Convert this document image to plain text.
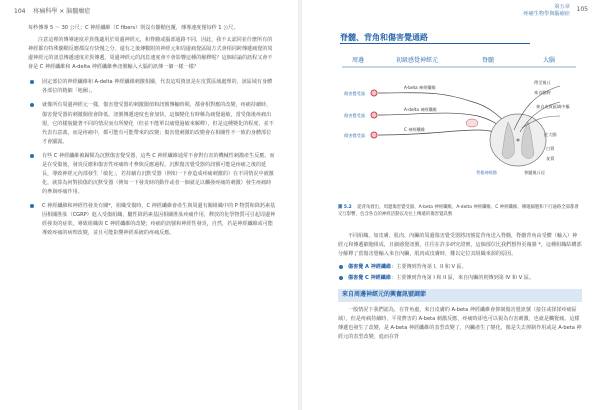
104 疼痛科學 × 脑髓瘸症

每秒傳導 5 ～ 30 公尺；C 神經纖維（C fibers）則沒有髓鞘包覆，傳導速度僅每秒 1 公尺。

注意這裡的傳導速度差異僅適用於周邊神經元，和脊髓或腦部通路不同，因此，我不太認同並什麼所有的神經都有特殊髓鞘反應都沒有快慢之分。還有之後傳數附的神經元和周邊痛覺區隔方式會相同跨傳遞痛覺的周邊神經元的訊息傳遞速度差異傳遞，周邊神經元的訊息速度會不會影響這種的解釋呢？這個結論的訊程又會不會是 C 神經纖維和 A-delta 神經纖維參訊號輸入大腦的訊傳一個一樣一樣？

固定部位的神經纖維和 A-delta 神經纖維刺激相關，代表這項資訊是在皮質區域處理的，該區域有身體各部位的精細「地圖」。
就像所有周邊神經元一樣，傷害覺受器的刺激閾值和訊號傳輸時間，都會相對應的改變，疼痛持續時，傷害覺受器的刺激閾值會降低，訊號傳遞速度也會加快，這個變化有時稱為痛覺過敏，當受傷後疼痛出現，它的樣貌隨著不同的情況而有所變化（但並不能單以痛覺過敏來解釋），但是這種變化的程度，並不代表有意義，而是疼痛中，都可能有可能帶來的改變；傷害覺刺激的改變會在相關性不一致的身體部位才會顯露。
有些 C 神經纖維被歸類為沉默傷害覺受器，這些 C 神經纖維通常不會對有害的機械性刺激產生反應，而是在受傷後，發炎反應和傷害性疼痛時才參與反應過程。沉默傷害覺受器的訊號可能是疼痛之後的延長，導致神經元內部發生「敏化」，若持續有沉默受器（例如一下會造成疼痛刺激的）在不同情況中被激化，就算為何對損傷的沉默受器（例如一下發炎時的動作或者一個就足以觸發疼痛的刺激）發生疼痛時的參與疼痛作用。
C 神經纖維和神經性發炎有關*，組織受傷時，C 神經纖維會產生與周邊有關組織中的 P 物質和降鈣素基因相關胜肽（CGRP）進入受傷組織，屬性降鈣素基因相關胜肽疼痛作用，釋放的化學物質可引起周邊神經發炎的症狀。導致組織與 C 神經纖維的改變；疼痛的訊號和神經性發炎，自然，若是神經纖維或可能導致疼痛的病理改變，並且可能影響神經系統的疼痛反應。
第五章
疼痛生物學與腦瘤症
105
脊髓、背角和傷害覺通路
周邊	初級感覺神經元	脊髓	大腦
傷害覺受器
傷害覺受器
傷害覺受器
A-beta 神經纖維
A-delta 神經纖維
C 神經纖維
背根神經節
傳至視丘
來自腦幹
來自皮質區域中樞
往大腦
脊髓視丘徑
白質
灰質
圖 5.2 從背角發出，周邊傷害覺受器、A-beta 神經纖維、A-delta 神經纖維、C 神經纖維、傳遞細胞和下行通路全部都會交互影響，包含各自的神經活動以及往上傳遞的傷害覺訊號

不同組織，如皮膚、肌肉、內臟的周邊傷害覺受器將訊號從背角送入脊髓，脊髓背角由受體（輸入）神經元和傳遞細胞組成，且細感覺訊號，往往在許多研究證實，這個部位比我們想得更複雜 *，這種組織結構部分解釋了當傷害覺輸入來自內臟，肌肉或皮膚時，難以定位其組織來源的原因。

傷害覺 A 神經纖維：主要傳到背角第 I、II 和 V 區。
傷害覺 C 神經纖維：主要傳到背角第 I 和 II 區，來自內臟的則傳到第 IV 和 V 區。
來自周邊神經元的興奮訊號調節

一般情況下我們認為，在背角處，來自皮膚的 A-beta 神經纖維會抑制傷害覺訊號（接住或揉揉疼痛區域），但是疼痛持續時，平常費害的 A-beta 刺激反應，疼痛時卻也可以視為有害刺激，也就是觸覺痛。這樣傳遞也發生了改變，是 A-beta 神經纖維的表型改變了，內臟產生了變化，像是失去抑制作用或是 A-beta 神經元的表型改變，進而在背
